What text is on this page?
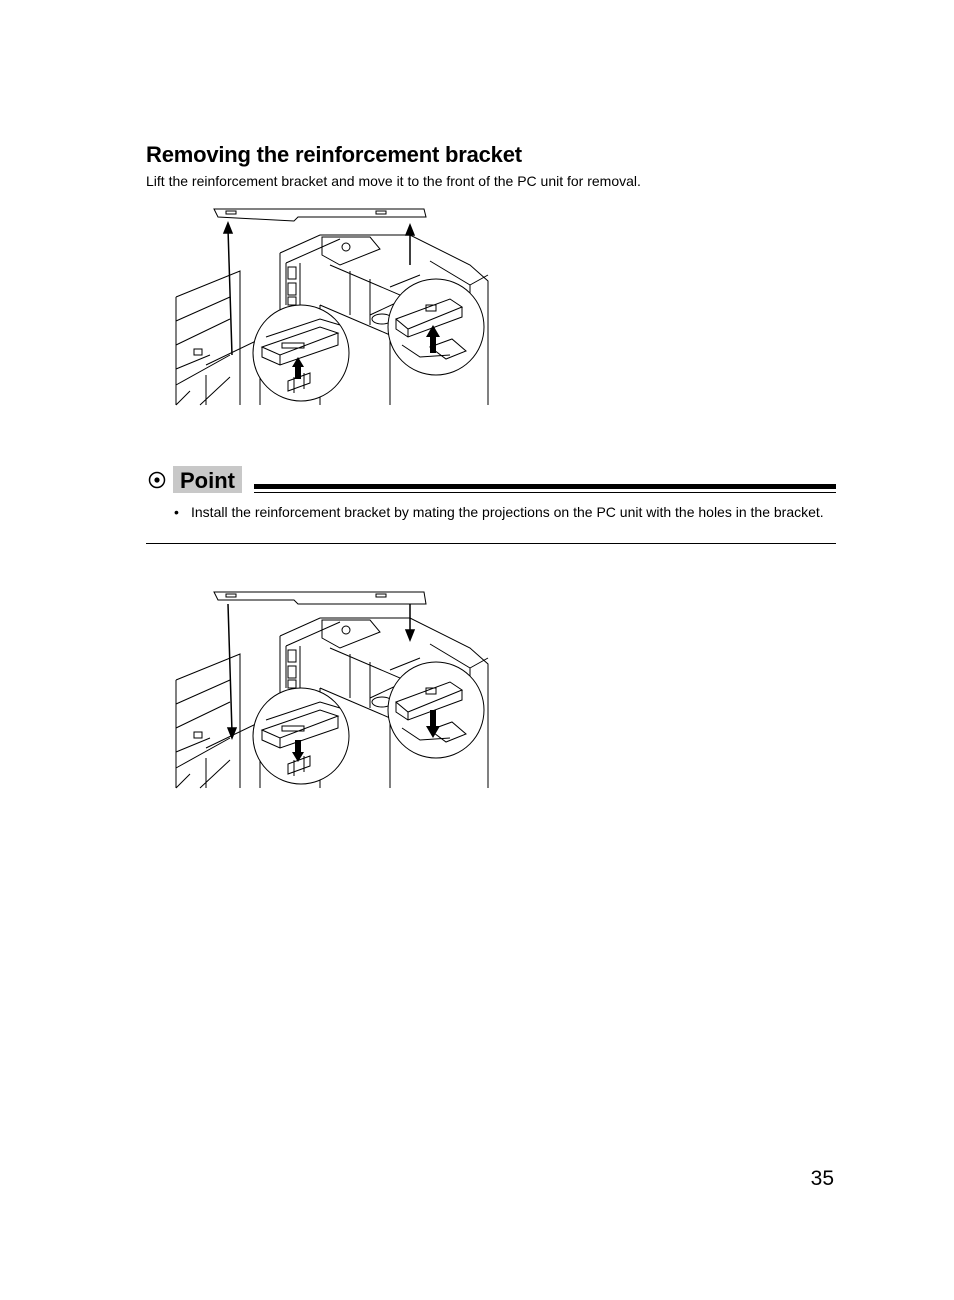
Removing the reinforcement bracket
Lift the reinforcement bracket and move it to the front of the PC unit for removal.
Point
• Install the reinforcement bracket by mating the projections on the PC unit with the holes in the bracket.
35
